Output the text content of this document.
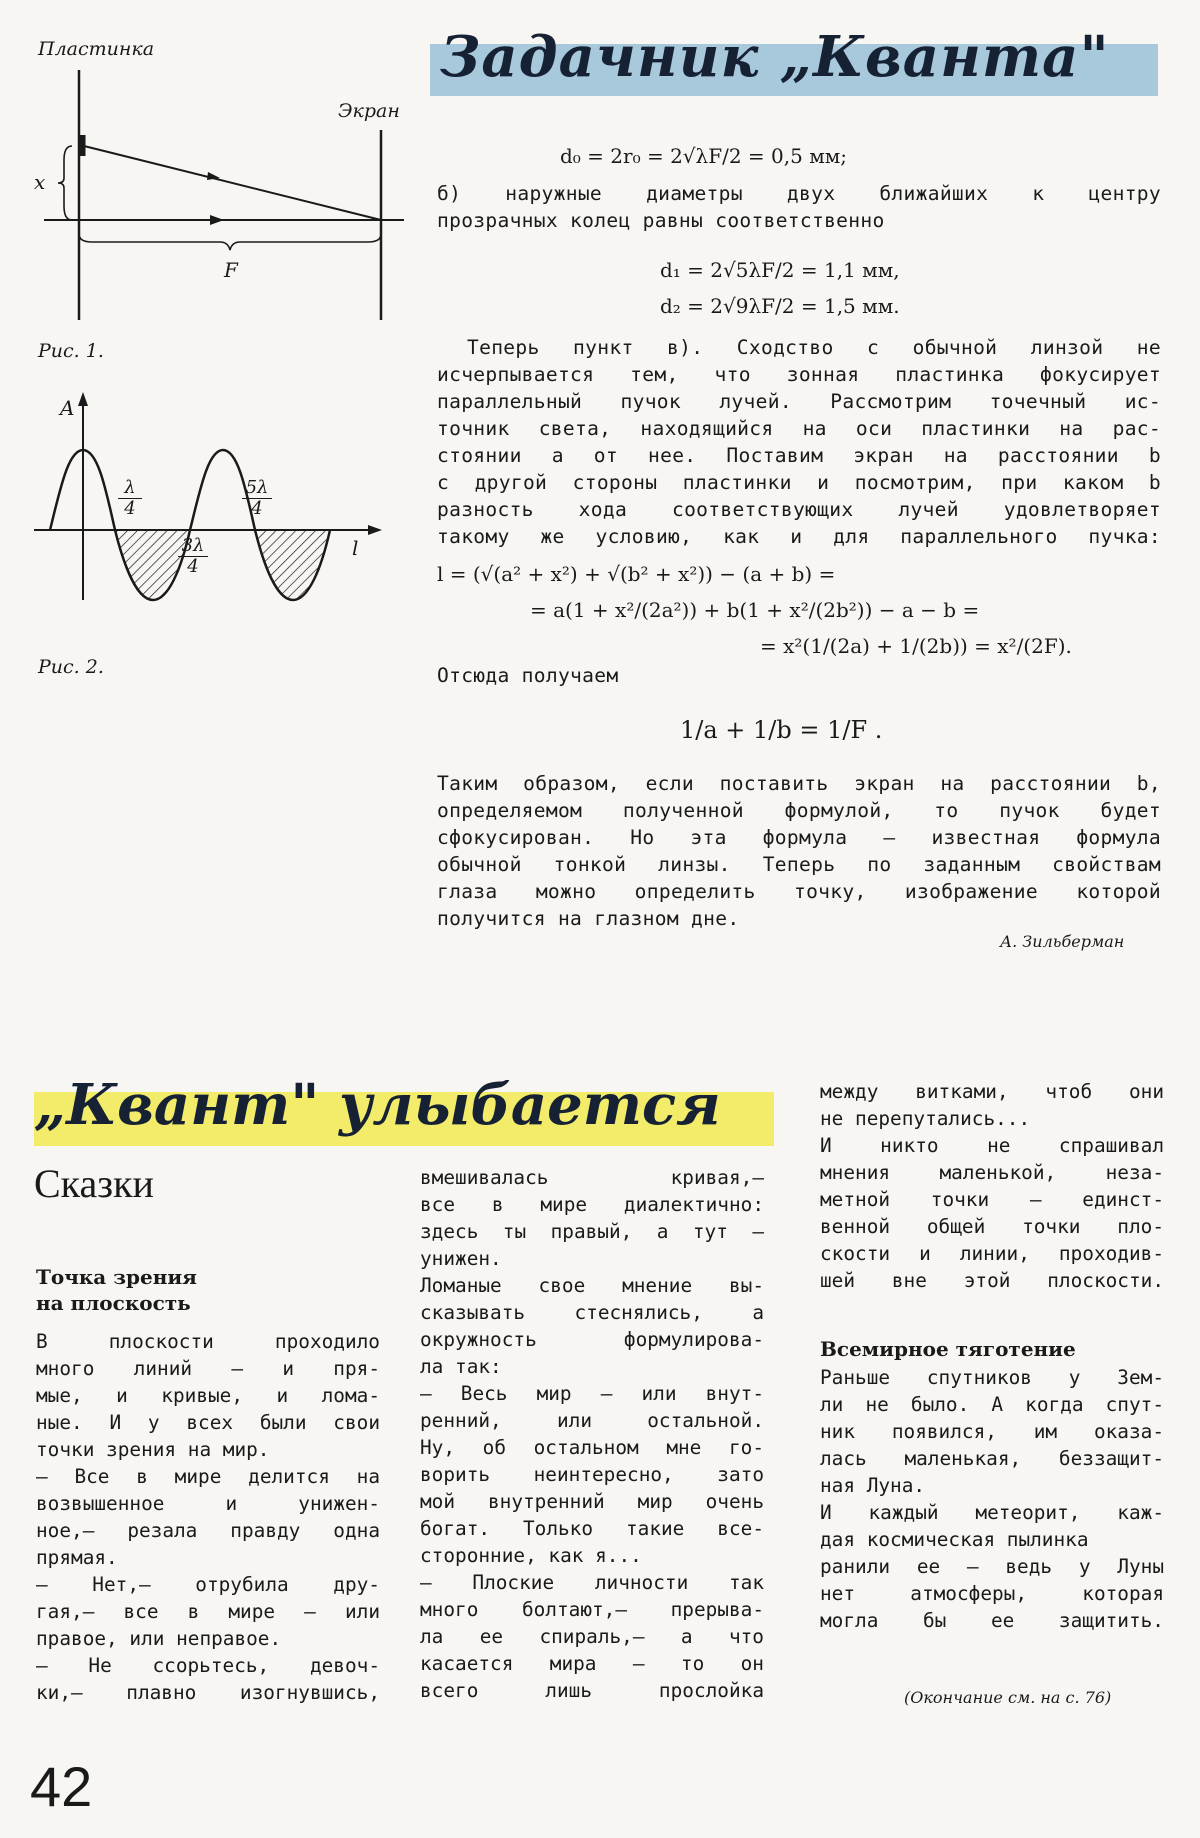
Пластинка
Экран
x
F
Рис. 1.
A
l
$\frac{\lambda}{4}$
$\frac{3\lambda}{4}$
$\frac{5\lambda}{4}$
Рис. 2.
Задачник „Кванта"
d₀ = 2r₀ = 2√λF/2 = 0,5 мм;
б) наружные диаметры двух ближайших к центру
прозрачных колец равны соответственно
d₁ = 2√5λF/2 = 1,1 мм,
d₂ = 2√9λF/2 = 1,5 мм.
Теперь пункт в). Сходство с обычной линзой не
исчерпывается тем, что зонная пластинка фокусирует
параллельный пучок лучей. Рассмотрим точечный ис-
точник света, находящийся на оси пластинки на рас-
стоянии a от нее. Поставим экран на расстоянии b
с другой стороны пластинки и посмотрим, при каком b
разность хода соответствующих лучей удовлетворяет
такому же условию, как и для параллельного пучка:
l = (√(a² + x²) + √(b² + x²)) − (a + b) =
= a(1 + x²/(2a²)) + b(1 + x²/(2b²)) − a − b =
= x²(1/(2a) + 1/(2b)) = x²/(2F).
Отсюда получаем
1/a + 1/b = 1/F .
Таким образом, если поставить экран на расстоянии b,
определяемом полученной формулой, то пучок будет
сфокусирован. Но эта формула — известная формула
обычной тонкой линзы. Теперь по заданным свойствам
глаза можно определить точку, изображение которой
получится на глазном дне.
А. Зильберман
„Квант" улыбается
Сказки
Точка зрения
на плоскость
В плоскости проходило
много линий — и пря-
мые, и кривые, и лома-
ные. И у всех были свои
точки зрения на мир.
— Все в мире делится на
возвышенное и унижен-
ное,— резала правду одна
прямая.
— Нет,— отрубила дру-
гая,— все в мире — или
правое, или неправое.
— Не ссорьтесь, девоч-
ки,— плавно изогнувшись,
вмешивалась кривая,—
все в мире диалектично:
здесь ты правый, а тут —
унижен.
Ломаные свое мнение вы-
сказывать стеснялись, а
окружность формулирова-
ла так:
— Весь мир — или внут-
ренний, или остальной.
Ну, об остальном мне го-
ворить неинтересно, зато
мой внутренний мир очень
богат. Только такие все-
сторонние, как я...
— Плоские личности так
много болтают,— прерыва-
ла ее спираль,— а что
касается мира — то он
всего лишь прослойка
между витками, чтоб они
не перепутались...
И никто не спрашивал
мнения маленькой, неза-
метной точки — единст-
венной общей точки пло-
скости и линии, проходив-
шей вне этой плоскости.
Всемирное тяготение
Раньше спутников у Зем-
ли не было. А когда спут-
ник появился, им оказа-
лась маленькая, беззащит-
ная Луна.
И каждый метеорит, каж-
дая космическая пылинка
ранили ее — ведь у Луны
нет атмосферы, которая
могла бы ее защитить.
(Окончание см. на с. 76)
42
